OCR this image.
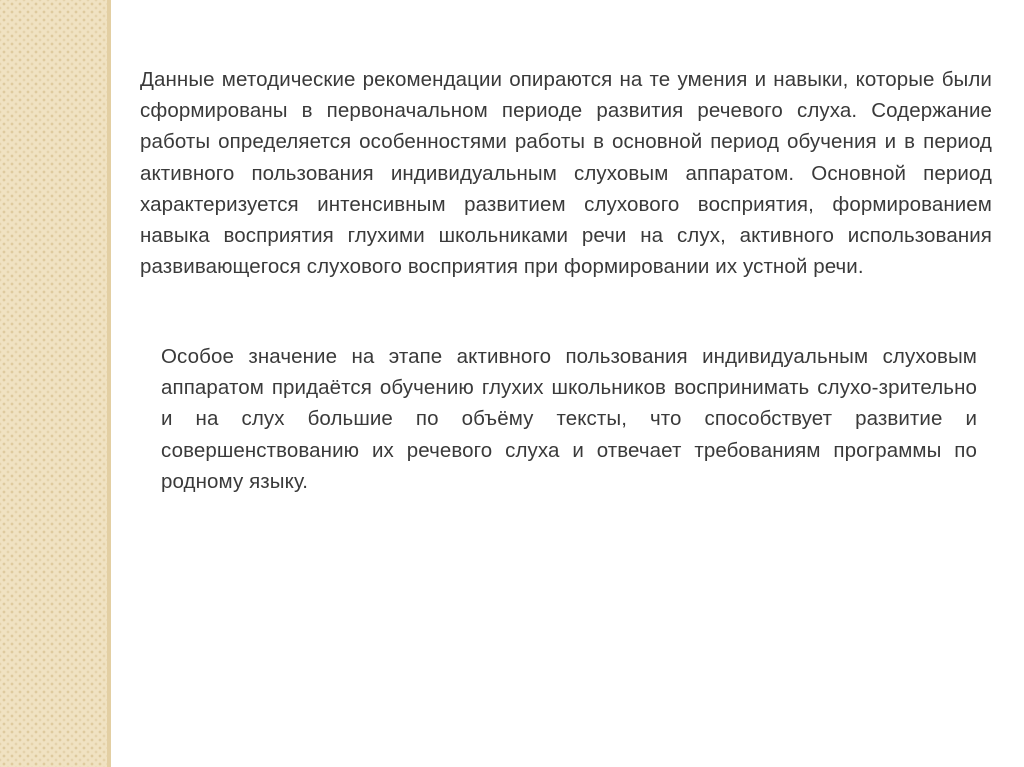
Данные методические рекомендации опираются на те умения и навыки, которые были сформированы в первоначальном периоде развития речевого слуха. Содержание работы определяется особенностями работы в основной период обучения и в период активного пользования индивидуальным слуховым аппаратом. Основной период характеризуется интенсивным развитием слухового восприятия, формированием навыка восприятия глухими школьниками речи на слух, активного использования развивающегося слухового восприятия при формировании их устной речи.

Особое значение на этапе активного пользования индивидуальным слуховым аппаратом придаётся обучению глухих школьников воспринимать слухо-зрительно и на слух большие по объёму тексты, что способствует развитие и совершенствованию их речевого слуха и отвечает требованиям программы по родному языку.
